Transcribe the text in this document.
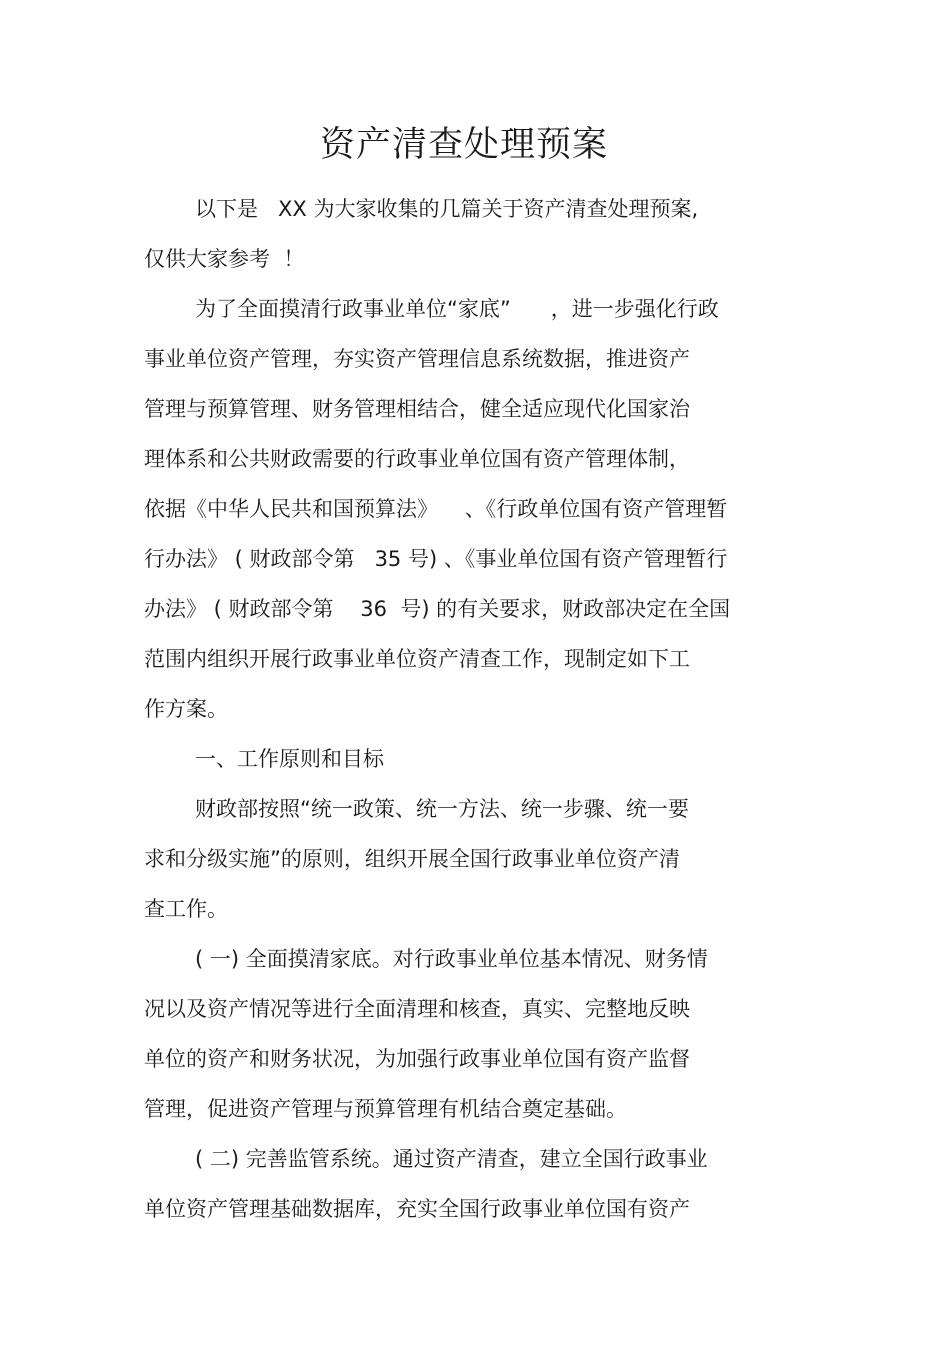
资产清查处理预案
以下是   XX 为大家收集的几篇关于资产清查处理预案,
仅供大家参考  ！
为了全面摸清行政事业单位“家底”      ，进一步强化行政
事业单位资产管理，夯实资产管理信息系统数据，推进资产
管理与预算管理、财务管理相结合，健全适应现代化国家治
理体系和公共财政需要的行政事业单位国有资产管理体制，
依据《中华人民共和国预算法》    、《行政单位国有资产管理暂
行办法》 ( 财政部令第   35 号) 、《事业单位国有资产管理暂行
办法》 ( 财政部令第    36  号) 的有关要求，财政部决定在全国
范围内组织开展行政事业单位资产清查工作，现制定如下工
作方案。
一、工作原则和目标
财政部按照“统一政策、统一方法、统一步骤、统一要
求和分级实施”的原则，组织开展全国行政事业单位资产清
查工作。
( 一) 全面摸清家底。对行政事业单位基本情况、财务情
况以及资产情况等进行全面清理和核查，真实、完整地反映
单位的资产和财务状况，为加强行政事业单位国有资产监督
管理，促进资产管理与预算管理有机结合奠定基础。
( 二) 完善监管系统。通过资产清查，建立全国行政事业
单位资产管理基础数据库，充实全国行政事业单位国有资产
